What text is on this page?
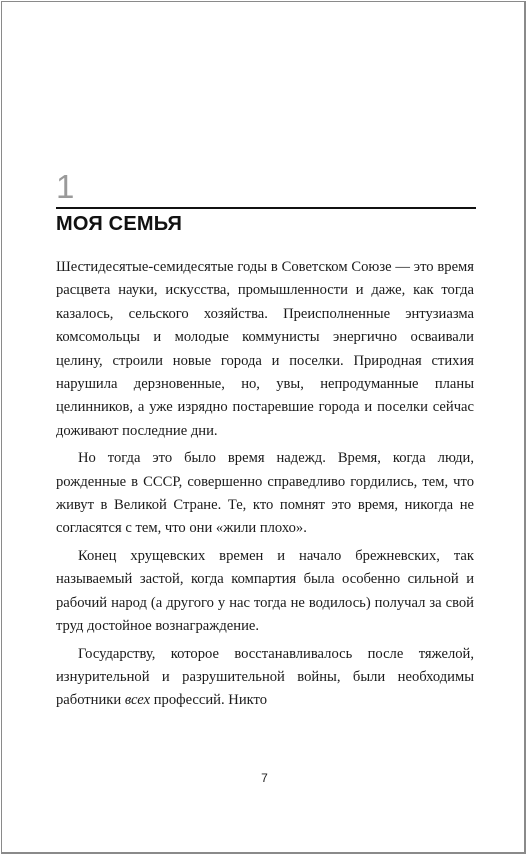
1
МОЯ СЕМЬЯ

Шестидесятые-семидесятые годы в Советском Союзе — это время расцвета науки, искусства, промышленности и даже, как тогда казалось, сельского хозяйства. Преисполненные энтузиазма комсомольцы и молодые коммунисты энергично осваивали целину, строили новые города и поселки. Природная стихия нарушила дерзновенные, но, увы, непродуманные планы целинников, а уже изрядно постаревшие города и поселки сейчас доживают последние дни.

Но тогда это было время надежд. Время, когда люди, рожденные в СССР, совершенно справедливо гордились, тем, что живут в Великой Стране. Те, кто помнят это время, никогда не согласятся с тем, что они «жили плохо».

Конец хрущевских времен и начало брежневских, так называемый застой, когда компартия была особенно сильной и рабочий народ (а другого у нас тогда не водилось) получал за свой труд достойное вознаграждение.

Государству, которое восстанавливалось после тяжелой, изнурительной и разрушительной войны, были необходимы работники всех профессий. Никто

7
